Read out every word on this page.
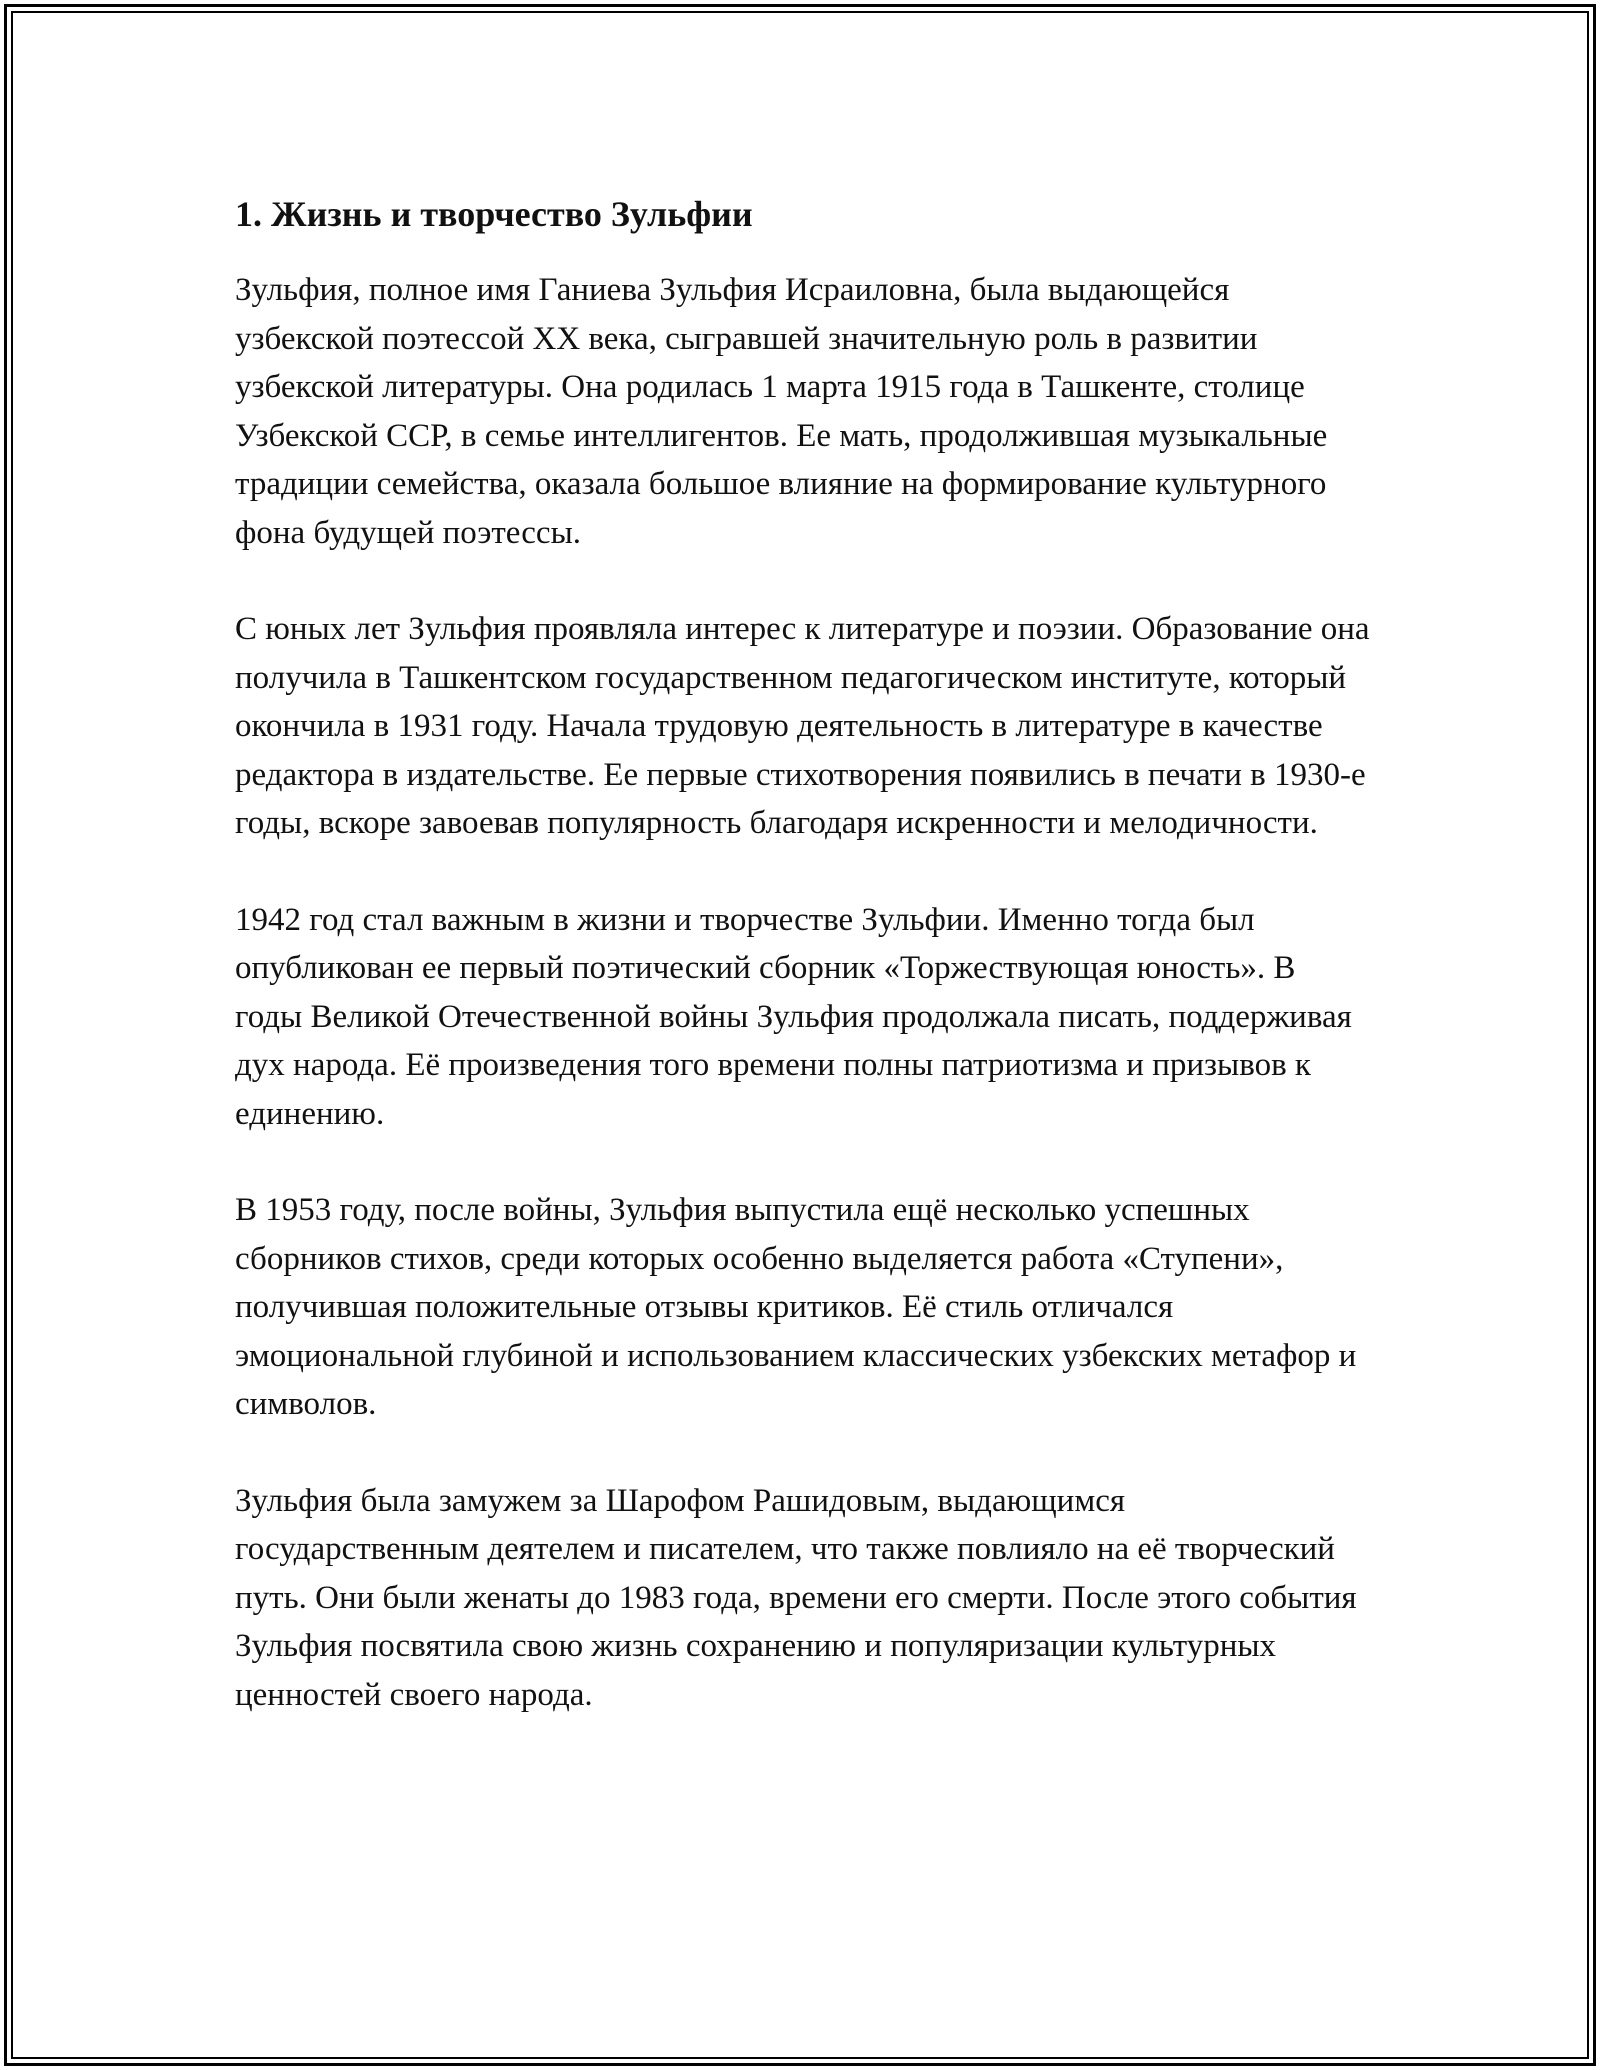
1. Жизнь и творчество Зульфии

Зульфия, полное имя Ганиева Зульфия Исраиловна, была выдающейся узбекской поэтессой XX века, сыгравшей значительную роль в развитии узбекской литературы. Она родилась 1 марта 1915 года в Ташкенте, столице Узбекской ССР, в семье интеллигентов. Ее мать, продолжившая музыкальные традиции семейства, оказала большое влияние на формирование культурного фона будущей поэтессы.

С юных лет Зульфия проявляла интерес к литературе и поэзии. Образование она получила в Ташкентском государственном педагогическом институте, который окончила в 1931 году. Начала трудовую деятельность в литературе в качестве редактора в издательстве. Ее первые стихотворения появились в печати в 1930-е годы, вскоре завоевав популярность благодаря искренности и мелодичности.

1942 год стал важным в жизни и творчестве Зульфии. Именно тогда был опубликован ее первый поэтический сборник «Торжествующая юность». В годы Великой Отечественной войны Зульфия продолжала писать, поддерживая дух народа. Её произведения того времени полны патриотизма и призывов к единению.

В 1953 году, после войны, Зульфия выпустила ещё несколько успешных сборников стихов, среди которых особенно выделяется работа «Ступени», получившая положительные отзывы критиков. Её стиль отличался эмоциональной глубиной и использованием классических узбекских метафор и символов.

Зульфия была замужем за Шарофом Рашидовым, выдающимся государственным деятелем и писателем, что также повлияло на её творческий путь. Они были женаты до 1983 года, времени его смерти. После этого события Зульфия посвятила свою жизнь сохранению и популяризации культурных ценностей своего народа.
